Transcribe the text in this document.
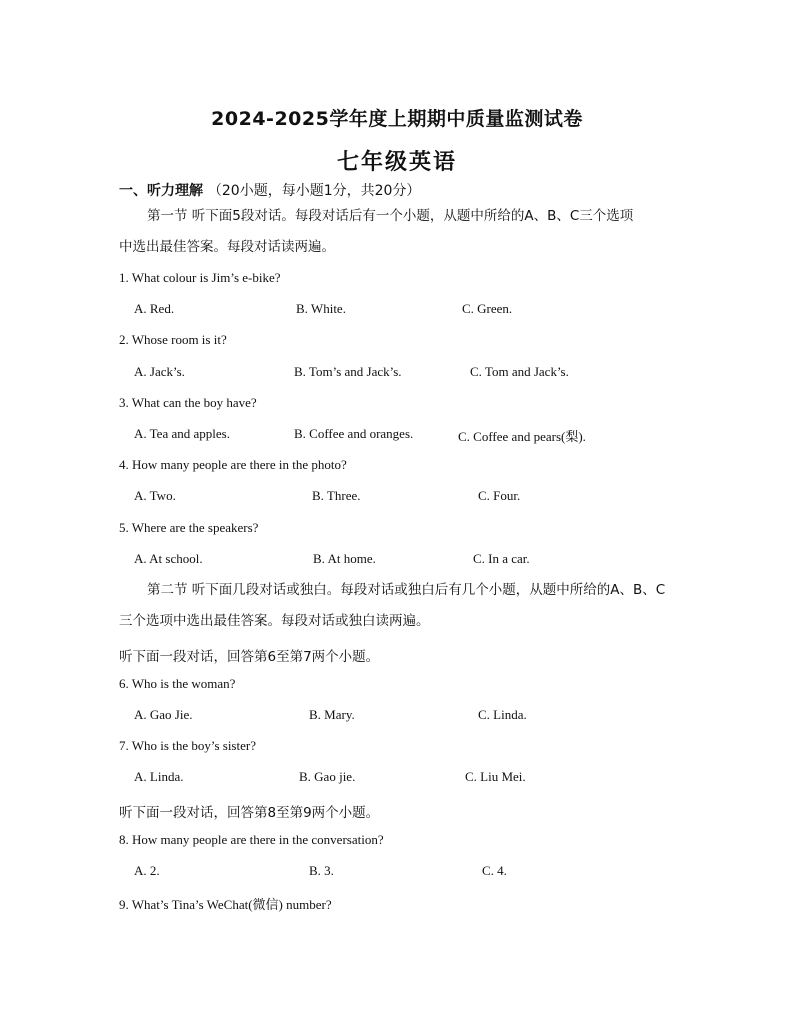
2024-2025学年度上期期中质量监测试卷
七年级英语
一、听力理解 （20小题，每小题1分，共20分）
第一节 听下面5段对话。每段对话后有一个小题，从题中所给的A、B、C三个选项
中选出最佳答案。每段对话读两遍。
1. What colour is Jim’s e-bike?
A. Red.	B. White.	C. Green.
2. Whose room is it?
A. Jack’s.	B. Tom’s and Jack’s.	C. Tom and Jack’s.
3. What can the boy have?
A. Tea and apples.	B. Coffee and oranges.	C. Coffee and pears(梨).
4. How many people are there in the photo?
A. Two.	B. Three.	C. Four.
5. Where are the speakers?
A. At school.	B. At home.	C. In a car.
第二节 听下面几段对话或独白。每段对话或独白后有几个小题，从题中所给的A、B、C
三个选项中选出最佳答案。每段对话或独白读两遍。
听下面一段对话，回答第6至第7两个小题。
6. Who is the woman?
A. Gao Jie.	B. Mary.	C. Linda.
7. Who is the boy’s sister?
A. Linda.	B. Gao jie.	C. Liu Mei.
听下面一段对话，回答第8至第9两个小题。
8. How many people are there in the conversation?
A. 2.	B. 3.	C. 4.
9. What’s Tina’s WeChat(微信) number?
